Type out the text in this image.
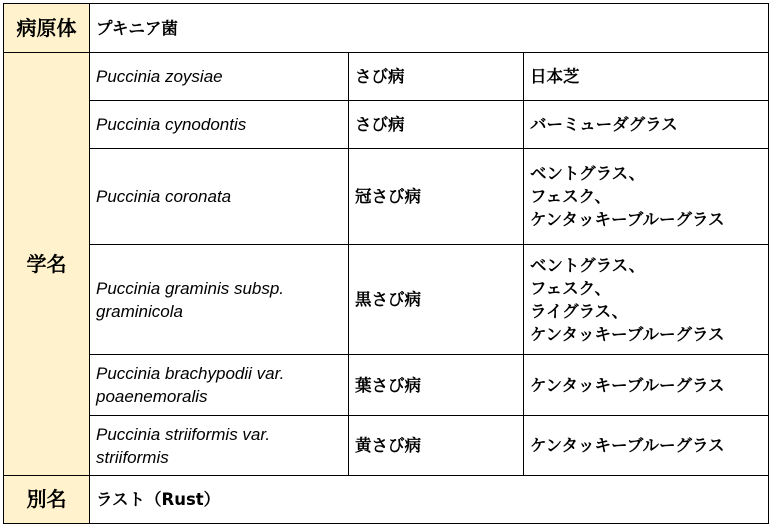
病原体	プキニア菌		
学名	Puccinia zoysiae	さび病	日本芝

	Puccinia cynodontis	さび病	バーミューダグラス

	Puccinia coronata	冠さび病	ベントグラス、
フェスク、
ケンタッキーブルーグラス

	Puccinia graminis subsp. graminicola	黒さび病	ベントグラス、
フェスク、
ライグラス、
ケンタッキーブルーグラス

	Puccinia brachypodii var. poaenemoralis	葉さび病	ケンタッキーブルーグラス

	Puccinia striiformis var. striiformis	黄さび病	ケンタッキーブルーグラス

別名	ラスト（Rust）		
